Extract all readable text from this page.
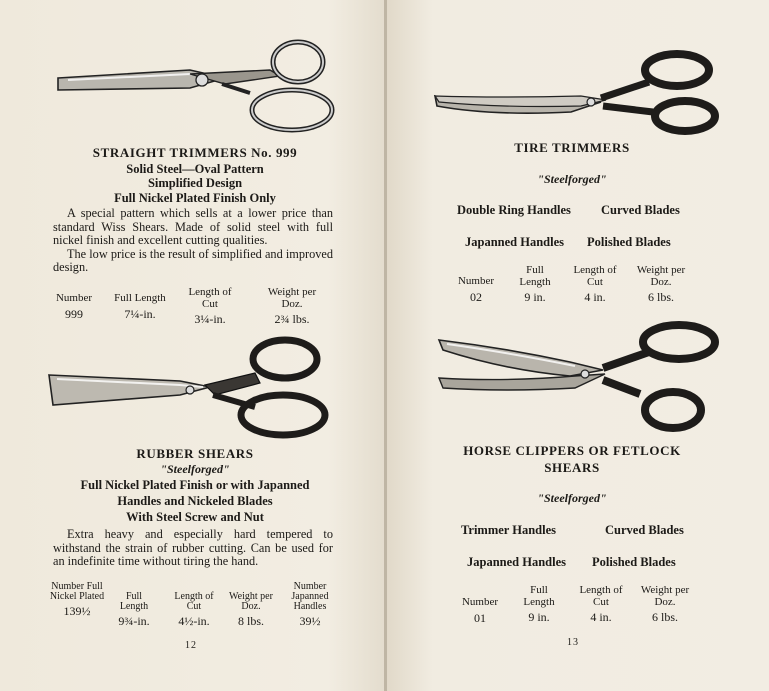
STRAIGHT TRIMMERS No. 999
Solid Steel—Oval Pattern
Simplified Design
Full Nickel Plated Finish Only

A special pattern which sells at a lower price than standard Wiss Shears. Made of solid steel with full nickel finish and excellent cutting qualities.

The low price is the result of simplified and improved design.

Number
999
Full Length
7¼-in.
Length of Cut
3¼-in.
Weight per Doz.
2¾ lbs.
RUBBER SHEARS
"Steelforged"
Full Nickel Plated Finish or with Japanned
Handles and Nickeled Blades
With Steel Screw and Nut

Extra heavy and especially hard tempered to withstand the strain of rubber cutting. Can be used for an indefinite time without tiring the hand.

Number Full Nickel Plated
139½
Full Length
9¾-in.
Length of Cut
4½-in.
Weight per Doz.
8 lbs.
Number Japanned Handles
39½
12
TIRE TRIMMERS
"Steelforged"
Double Ring Handles Curved Blades
Japanned Handles Polished Blades
Number
02
Full Length
9 in.
Length of Cut
4 in.
Weight per Doz.
6 lbs.
HORSE CLIPPERS OR FETLOCK
SHEARS
"Steelforged"
Trimmer Handles	Curved Blades
Japanned Handles Polished Blades
Number
01
Full Length
9 in.
Length of Cut
4 in.
Weight per Doz.
6 lbs.
13
